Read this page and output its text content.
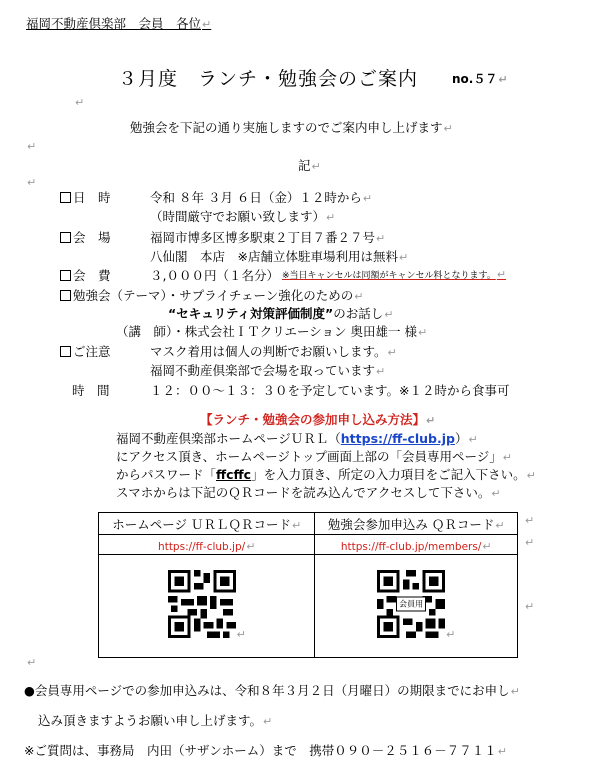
福岡不動産倶楽部　会員　各位↵
３月度　ランチ・勉強会のご案内	no.５７↵
↵
勉強会を下記の通り実施しますのでご案内申し上げます↵
↵
記↵
↵
日　時	令和 ８年 ３月 ６日（金）１２時から↵
（時間厳守でお願い致します）↵
会　場	福岡市博多区博多駅東２丁目７番２７号↵
八仙閣　本店　※店舗立体駐車場利用は無料↵
会　費	３,０００円（１名分） ※当日キャンセルは同額がキャンセル料となります。↵
勉強会（テーマ）・サプライチェーン強化のための↵
“セキュリティ対策評価制度”のお話し↵
（講　師）・株式会社ＩＴクリエーション 奥田雄一 様↵
ご注意	マスク着用は個人の判断でお願いします。↵
福岡不動産倶楽部で会場を取っています↵
時　間	１２：００～１３：３０を予定しています。※１２時から食事可
【ランチ・勉強会の参加申し込み方法】↵
福岡不動産倶楽部ホームページＵＲＬ（https://ff-club.jp）↵
にアクセス頂き、ホームページトップ画面上部の「会員専用ページ」↵
からパスワード「ffcffc」を入力頂き、所定の入力項目をご記入下さい。↵
スマホからは下記のＱＲコードを読み込んでアクセスして下さい。↵
ホームページ ＵＲＬＱＲコード↵	勉強会参加申込み ＱＲコード↵
https://ff-club.jp/↵	https://ff-club.jp/members/↵

↵	会員用
↵
↵
↵
↵
↵
●会員専用ページでの参加申込みは、令和８年３月２日（月曜日）の期限までにお申し↵
込み頂きますようお願い申し上げます。↵
※ご質問は、事務局　内田（サザンホーム）まで　携帯０９０－２５１６－７７１１↵
